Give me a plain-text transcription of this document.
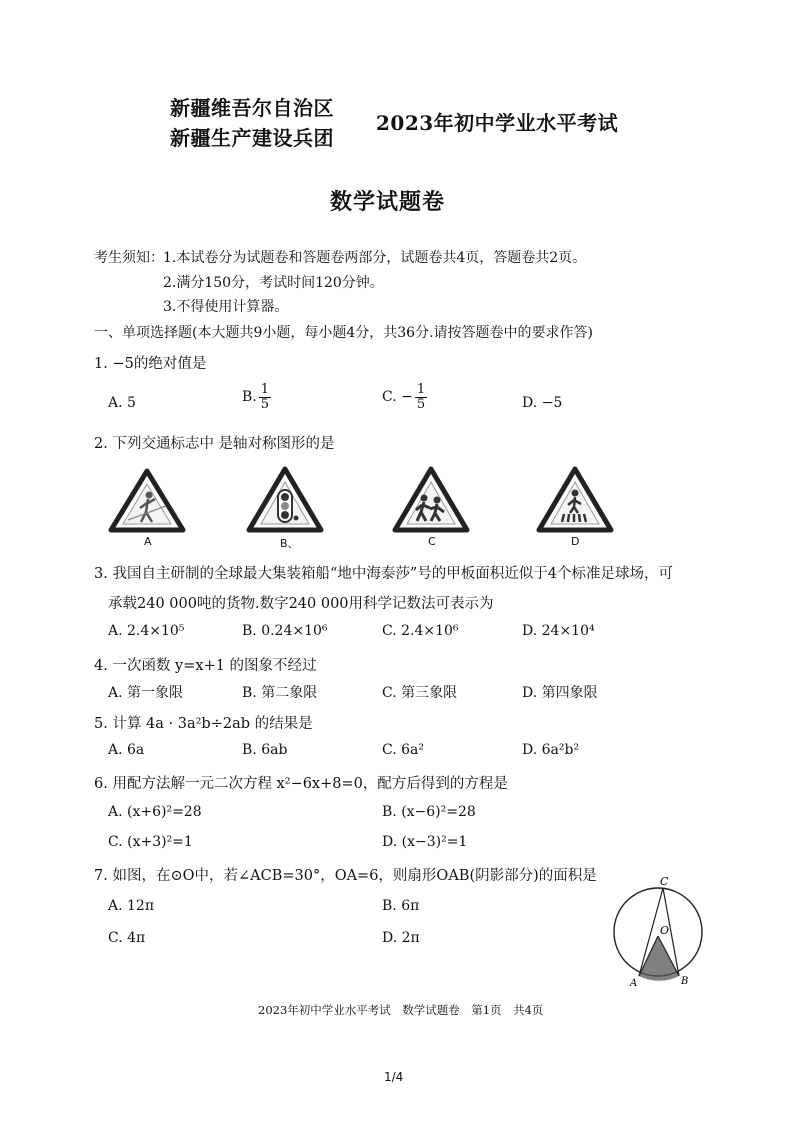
新疆维吾尔自治区
新疆生产建设兵团
2023年初中学业水平考试
数学试题卷
考生须知： 1.本试卷分为试题卷和答题卷两部分，试题卷共4页，答题卷共2页。
2.满分150分，考试时间120分钟。
3.不得使用计算器。
一、单项选择题(本大题共9小题，每小题4分，共36分.请按答题卷中的要求作答)
1. −5的绝对值是
A. 5	B. $\frac{1}{5}$	C. − $\frac{1}{5}$	D. −5
2. 下列交通标志中 是轴对称图形的是
A	B、	C	D
3. 我国自主研制的全球最大集装箱船“地中海泰莎”号的甲板面积近似于4个标准足球场，可
承载240 000吨的货物.数字240 000用科学记数法可表示为
A. 2.4×10⁵	B. 0.24×10⁶	C. 2.4×10⁶	D. 24×10⁴
4. 一次函数 y=x+1 的图象不经过
A. 第一象限	B. 第二象限	C. 第三象限	D. 第四象限
5. 计算 4a · 3a²b÷2ab 的结果是
A. 6a	B. 6ab	C. 6a²	D. 6a²b²
6. 用配方法解一元二次方程 x²−6x+8=0，配方后得到的方程是
A. (x+6)²=28	B. (x−6)²=28
C. (x+3)²=1	D. (x−3)²=1
7. 如图，在⊙O中，若∠ACB=30°，OA=6，则扇形OAB(阴影部分)的面积是
A. 12π	B. 6π
C. 4π	D. 2π
C
O
A	B
2023年初中学业水平考试　数学试题卷　第1页　共4页
1/4
